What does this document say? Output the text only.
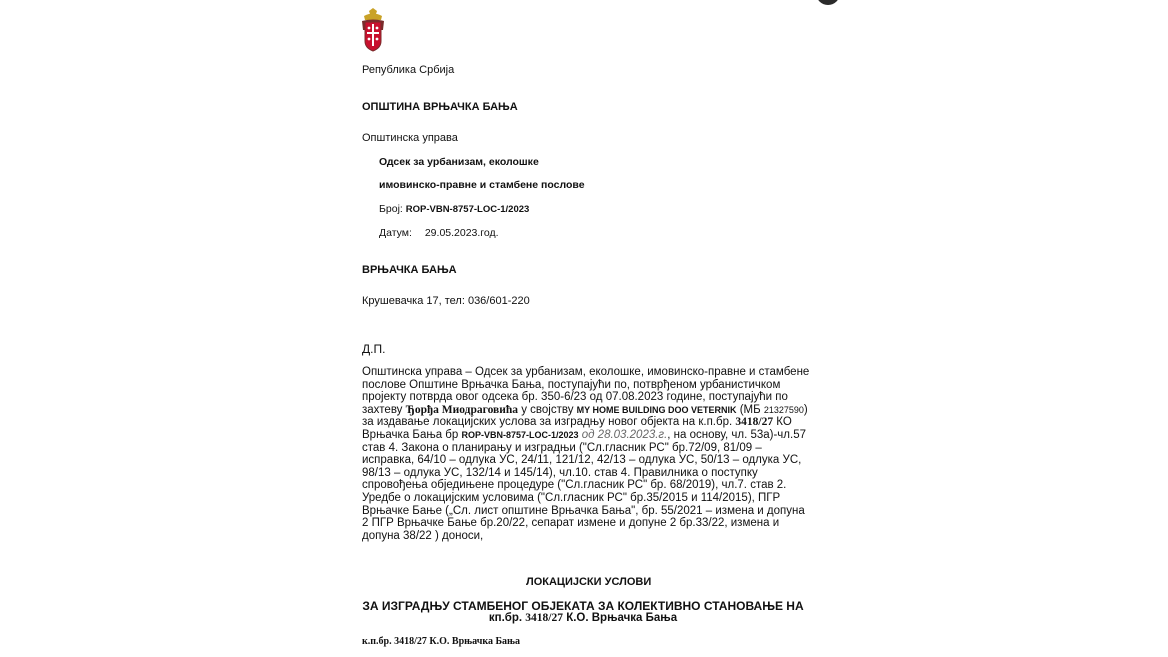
Република Србија
ОПШТИНА ВРЊАЧКА БАЊА
Општинска управа
Одсек за урбанизам, еколошке
имовинско-правне и стамбене послове
Број: ROP-VBN-8757-LOC-1/2023
Датум: 29.05.2023.год.
ВРЊАЧКА БАЊА
Крушевачка 17, тел: 036/601-220
Д.П.
Општинска управа – Одсек за урбанизам, еколошке, имовинско-правне и стамбене послове Општине Врњачка Бања, поступајући по, потврђеном урбанистичком пројекту потврда овог одсека бр. 350-6/23 од 07.08.2023 године, поступајући по захтеву Ђорђа Миодраговића у својству MY HOME BUILDING DOO VETERNIK (МБ 21327590) за издавање локацијских услова за изградњу новог објекта на к.п.бр. 3418/27 КО Врњачка Бања бр ROP-VBN-8757-LOC-1/2023 од 28.03.2023.г., на основу, чл. 53а)-чл.57 став 4. Закона о планирању и изградњи ("Сл.гласник РС" бр.72/09, 81/09 – исправка, 64/10 – одлука УС, 24/11, 121/12, 42/13 – одлука УС, 50/13 – одлука УС, 98/13 – одлука УС, 132/14 и 145/14), чл.10. став 4. Правилника о поступку спровођења обједињене процедуре ("Сл.гласник РС" бр. 68/2019), чл.7. став 2. Уредбе о локацијским условима ("Сл.гласник РС" бр.35/2015 и 114/2015), ПГР Врњачке Бање („Сл. лист општине Врњачка Бања", бр. 55/2021 – измена и допуна 2 ПГР Врњачке Бање бр.20/22, сепарат измене и допуне 2 бр.33/22, измена и допуна 38/22 ) доноси,
ЛОКАЦИЈСКИ УСЛОВИ
ЗА ИЗГРАДЊУ СТАМБЕНОГ ОБЈЕКАТА ЗА КОЛЕКТИВНО СТАНОВАЊЕ НА
кп.бр. 3418/27 К.О. Врњачка Бања
к.п.бр. 3418/27 К.О. Врњачка Бања
